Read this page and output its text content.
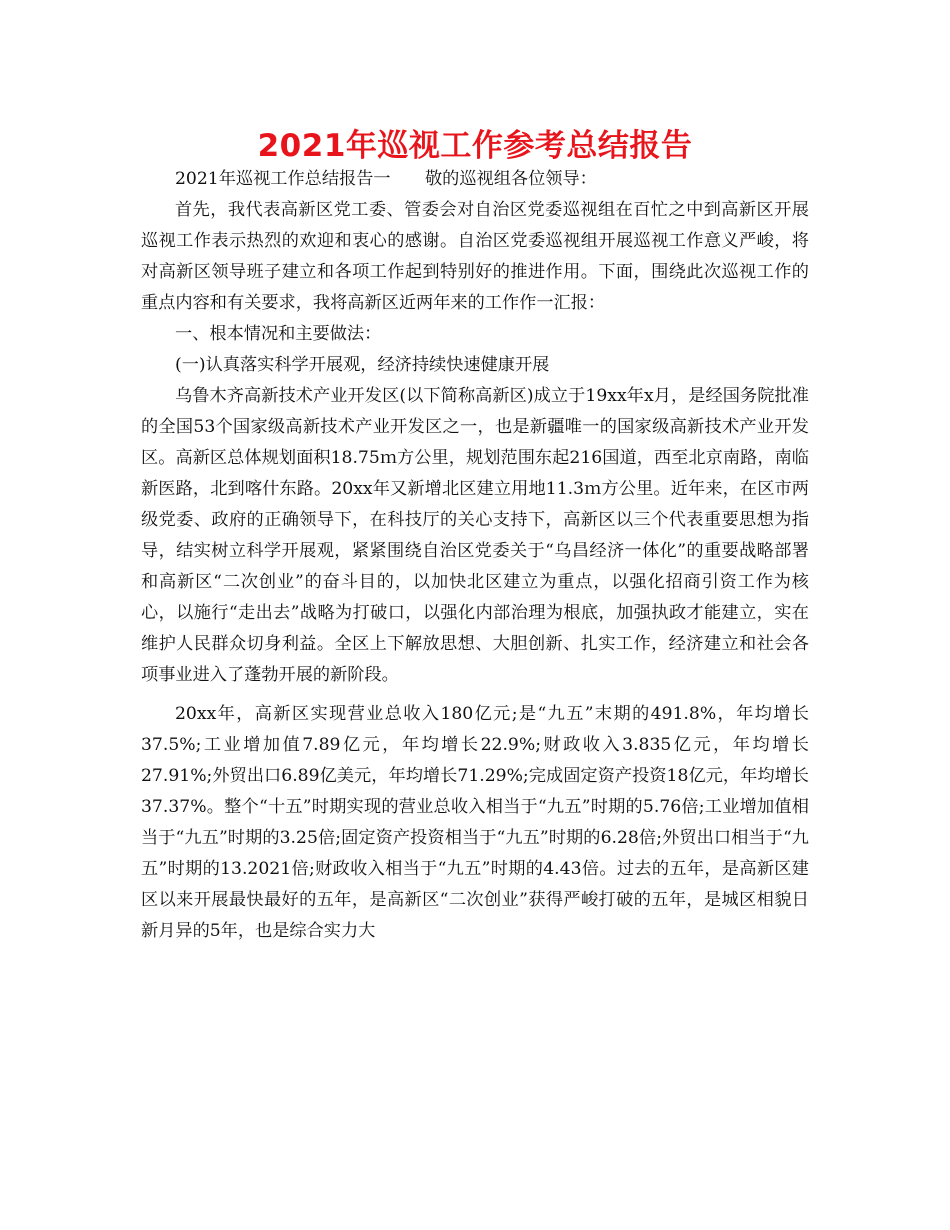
2021年巡视工作参考总结报告

2021年巡视工作总结报告一　　敬的巡视组各位领导：

首先，我代表高新区党工委、管委会对自治区党委巡视组在百忙之中到高新区开展巡视工作表示热烈的欢迎和衷心的感谢。自治区党委巡视组开展巡视工作意义严峻，将对高新区领导班子建立和各项工作起到特别好的推进作用。下面，围绕此次巡视工作的重点内容和有关要求，我将高新区近两年来的工作作一汇报：

一、根本情况和主要做法：

(一)认真落实科学开展观，经济持续快速健康开展

乌鲁木齐高新技术产业开发区(以下简称高新区)成立于19xx年x月，是经国务院批准的全国53个国家级高新技术产业开发区之一，也是新疆唯一的国家级高新技术产业开发区。高新区总体规划面积18.75ｍ方公里，规划范围东起216国道，西至北京南路，南临新医路，北到喀什东路。20xx年又新增北区建立用地11.3ｍ方公里。近年来，在区市两级党委、政府的正确领导下，在科技厅的关心支持下，高新区以三个代表重要思想为指导，结实树立科学开展观，紧紧围绕自治区党委关于“乌昌经济一体化”的重要战略部署和高新区“二次创业”的奋斗目的，以加快北区建立为重点，以强化招商引资工作为核心，以施行“走出去”战略为打破口，以强化内部治理为根底，加强执政才能建立，实在维护人民群众切身利益。全区上下解放思想、大胆创新、扎实工作，经济建立和社会各项事业进入了蓬勃开展的新阶段。

20xx年，高新区实现营业总收入180亿元;是“九五”末期的491.8%，年均增长37.5%;工业增加值7.89亿元，年均增长22.9%;财政收入3.835亿元，年均增长27.91%;外贸出口6.89亿美元，年均增长71.29%;完成固定资产投资18亿元，年均增长37.37%。整个“十五”时期实现的营业总收入相当于“九五”时期的5.76倍;工业增加值相当于“九五”时期的3.25倍;固定资产投资相当于“九五”时期的6.28倍;外贸出口相当于“九五”时期的13.2021倍;财政收入相当于“九五”时期的4.43倍。过去的五年，是高新区建区以来开展最快最好的五年，是高新区“二次创业”获得严峻打破的五年，是城区相貌日新月异的5年，也是综合实力大
